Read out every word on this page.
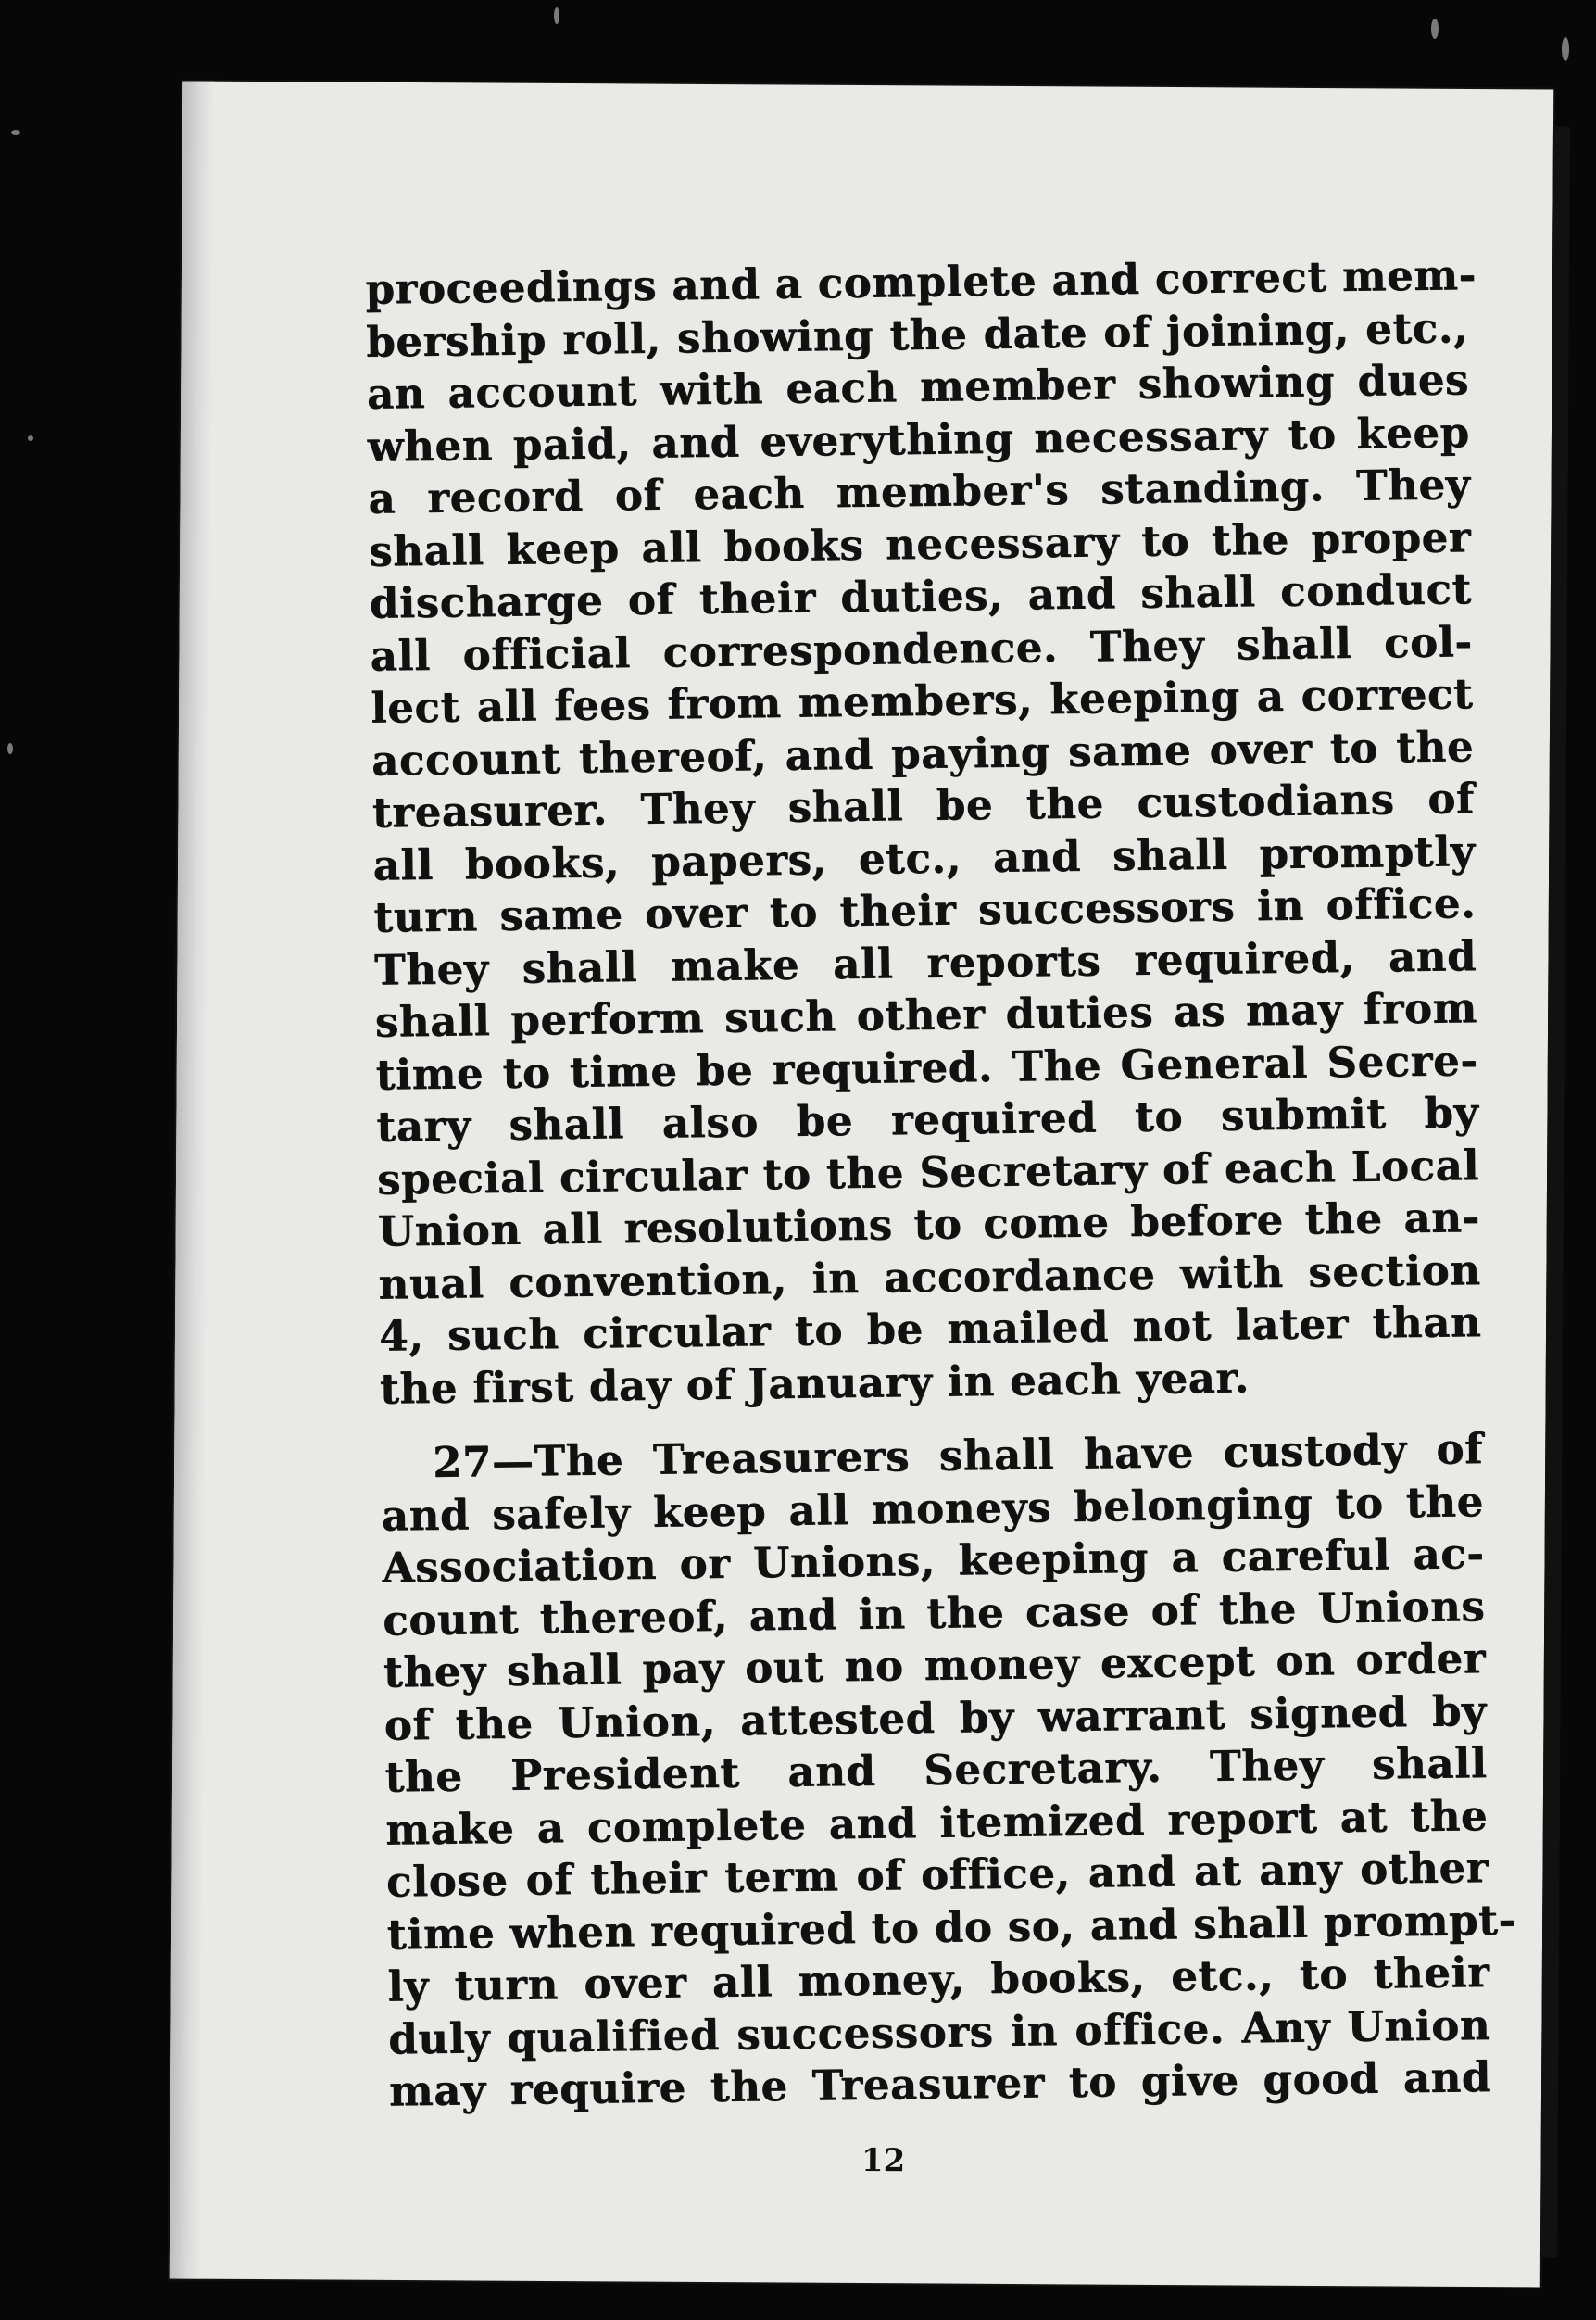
proceedings and a complete and correct mem-
bership roll, showing the date of joining, etc.,
an account with each member showing dues
when paid, and everything necessary to keep
a record of each member's standing. They
shall keep all books necessary to the proper
discharge of their duties, and shall conduct
all official correspondence. They shall col-
lect all fees from members, keeping a correct
account thereof, and paying same over to the
treasurer. They shall be the custodians of
all books, papers, etc., and shall promptly
turn same over to their successors in office.
They shall make all reports required, and
shall perform such other duties as may from
time to time be required. The General Secre-
tary shall also be required to submit by
special circular to the Secretary of each Local
Union all resolutions to come before the an-
nual convention, in accordance with section
4, such circular to be mailed not later than
the first day of January in each year.
27—The Treasurers shall have custody of
and safely keep all moneys belonging to the
Association or Unions, keeping a careful ac-
count thereof, and in the case of the Unions
they shall pay out no money except on order
of the Union, attested by warrant signed by
the President and Secretary. They shall
make a complete and itemized report at the
close of their term of office, and at any other
time when required to do so, and shall prompt-
ly turn over all money, books, etc., to their
duly qualified successors in office. Any Union
may require the Treasurer to give good and
12
